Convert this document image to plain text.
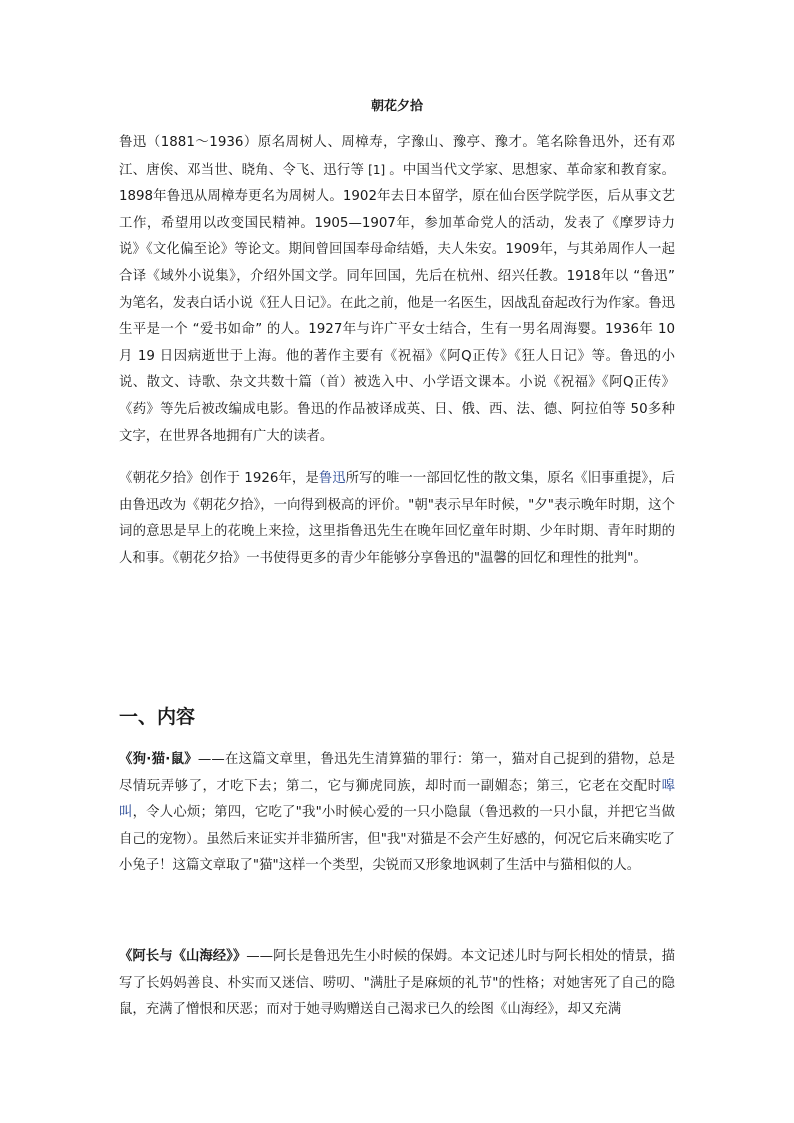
朝花夕拾

鲁迅（1881～1936）原名周树人、周樟寿，字豫山、豫亭、豫才。笔名除鲁迅外，还有邓江、唐俟、邓当世、晓角、令飞、迅行等 [1] 。中国当代文学家、思想家、革命家和教育家。1898年鲁迅从周樟寿更名为周树人。1902年去日本留学，原在仙台医学院学医，后从事文艺工作，希望用以改变国民精神。1905—1907年，参加革命党人的活动，发表了《摩罗诗力说》《文化偏至论》等论文。期间曾回国奉母命结婚，夫人朱安。1909年，与其弟周作人一起合译《域外小说集》，介绍外国文学。同年回国，先后在杭州、绍兴任教。1918年以 “鲁迅” 为笔名，发表白话小说《狂人日记》。在此之前，他是一名医生，因战乱奋起改行为作家。鲁迅生平是一个 “爱书如命” 的人。1927年与许广平女士结合，生有一男名周海婴。1936年 10 月 19 日因病逝世于上海。他的著作主要有《祝福》《阿Q正传》《狂人日记》等。鲁迅的小说、散文、诗歌、杂文共数十篇（首）被选入中、小学语文课本。小说《祝福》《阿Q正传》《药》等先后被改编成电影。鲁迅的作品被译成英、日、俄、西、法、德、阿拉伯等 50多种文字，在世界各地拥有广大的读者。

《朝花夕拾》创作于 1926年，是鲁迅所写的唯一一部回忆性的散文集，原名《旧事重提》，后由鲁迅改为《朝花夕拾》，一向得到极高的评价。"朝"表示早年时候，"夕"表示晚年时期，这个词的意思是早上的花晚上来捡，这里指鲁迅先生在晚年回忆童年时期、少年时期、青年时期的人和事。《朝花夕拾》一书使得更多的青少年能够分享鲁迅的"温馨的回忆和理性的批判"。

一、内容

《狗·猫·鼠》——在这篇文章里，鲁迅先生清算猫的罪行：第一，猫对自己捉到的猎物，总是尽情玩弄够了，才吃下去；第二，它与狮虎同族，却时而一副媚态；第三，它老在交配时嗥叫，令人心烦；第四，它吃了"我"小时候心爱的一只小隐鼠（鲁迅救的一只小鼠，并把它当做自己的宠物）。虽然后来证实并非猫所害，但"我"对猫是不会产生好感的，何况它后来确实吃了小兔子！这篇文章取了"猫"这样一个类型，尖锐而又形象地讽刺了生活中与猫相似的人。

《阿长与《山海经》》——阿长是鲁迅先生小时候的保姆。本文记述儿时与阿长相处的情景，描写了长妈妈善良、朴实而又迷信、唠叨、"满肚子是麻烦的礼节"的性格；对她害死了自己的隐鼠，充满了憎恨和厌恶；而对于她寻购赠送自己渴求已久的绘图《山海经》，却又充满
